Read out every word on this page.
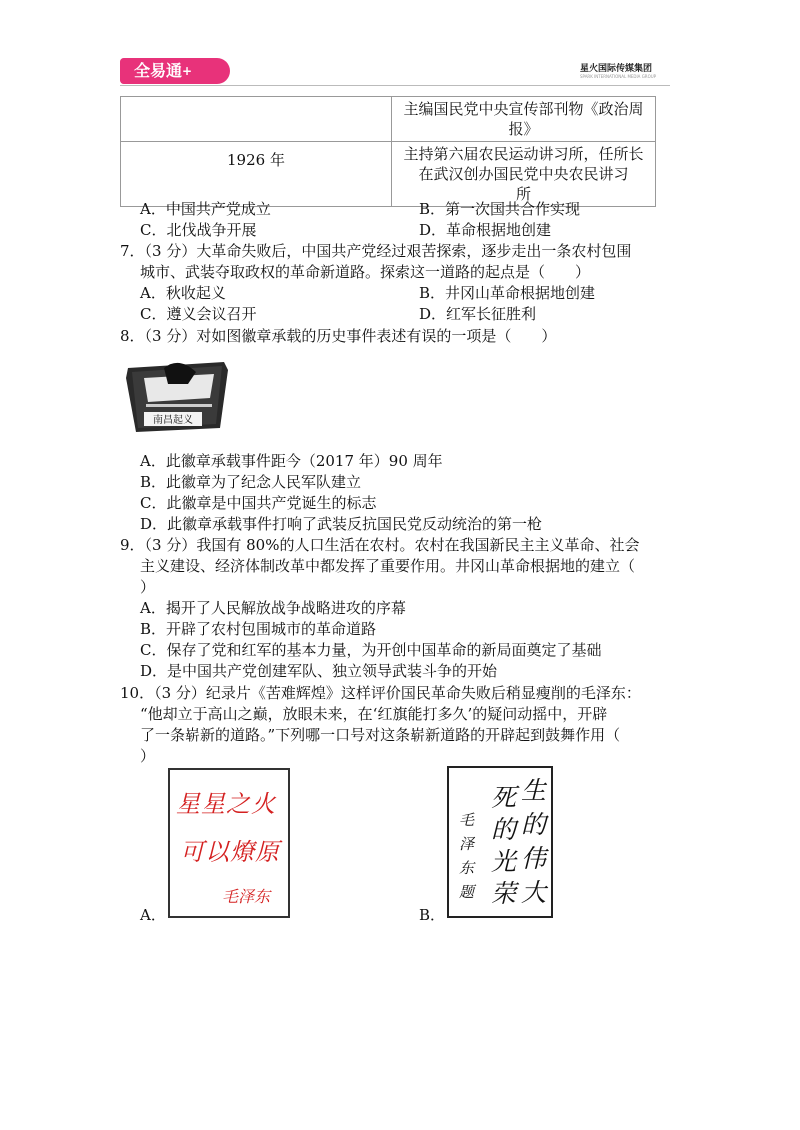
全易通+	星火国际传媒集团
SPARK INTERNATIONAL MEDIA GROUP

	主编国民党中央宣传部刊物《政治周
报》

1926 年	主持第六届农民运动讲习所，任所长
在武汉创办国民党中央农民讲习
所
A．中国共产党成立	B．第一次国共合作实现
C．北伐战争开展	D．革命根据地创建
7．（3 分）大革命失败后，中国共产党经过艰苦探索，逐步走出一条农村包围
城市、武装夺取政权的革命新道路。探索这一道路的起点是（　　）
A．秋收起义	B．井冈山革命根据地创建
C．遵义会议召开	D．红军长征胜利
8．（3 分）对如图徽章承载的历史事件表述有误的一项是（　　）
南昌起义
A．此徽章承载事件距今（2017 年）90 周年
B．此徽章为了纪念人民军队建立
C．此徽章是中国共产党诞生的标志
D．此徽章承载事件打响了武装反抗国民党反动统治的第一枪
9．（3 分）我国有 80%的人口生活在农村。农村在我国新民主主义革命、社会
主义建设、经济体制改革中都发挥了重要作用。井冈山革命根据地的建立（
）
A．揭开了人民解放战争战略进攻的序幕
B．开辟了农村包围城市的革命道路
C．保存了党和红军的基本力量，为开创中国革命的新局面奠定了基础
D．是中国共产党创建军队、独立领导武装斗争的开始
10．（3 分）纪录片《苦难辉煌》这样评价国民革命失败后稍显瘦削的毛泽东：
“他却立于高山之巅，放眼未来，在‘红旗能打多久’的疑问动摇中，开辟
了一条崭新的道路。”下列哪一口号对这条崭新道路的开辟起到鼓舞作用（
）
A．
星星之火
可以燎原
毛泽东
B．
生的伟大
死的光荣
毛泽东题
